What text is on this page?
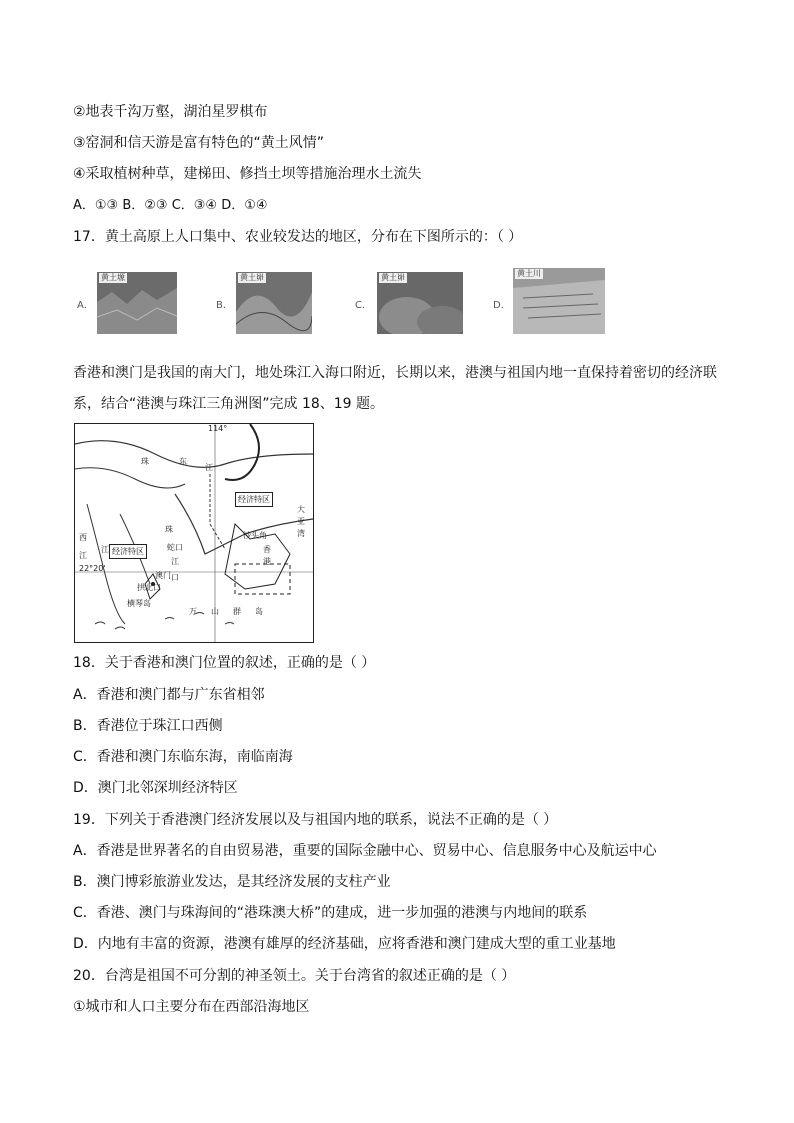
②地表千沟万壑，湖泊星罗棋布
③窑洞和信天游是富有特色的“黄土风情”
④采取植树种草，建梯田、修挡土坝等措施治理水土流失
A．①③ B．②③ C．③④ D．①④
17．黄土高原上人口集中、农业较发达的地区，分布在下图所示的：（ ）
A．
黄土塬
B．
黄土峁
C．
黄土峁
D．
黄土川
香港和澳门是我国的南大门，地处珠江入海口附近，长期以来，港澳与祖国内地一直保持着密切的经济联
系，结合“港澳与珠江三角洲图”完成 18、19 题。
114°
22°20'
珠	东
江
江
西
江
珠
蛇口
江
口
沙头角
大
亚
湾
香
港
澳门
拱北口
横琴岛
万 山 群 岛
经济特区
经济特区
18．关于香港和澳门位置的叙述，正确的是（ ）
A．香港和澳门都与广东省相邻
B．香港位于珠江口西侧
C．香港和澳门东临东海，南临南海
D．澳门北邻深圳经济特区
19．下列关于香港澳门经济发展以及与祖国内地的联系，说法不正确的是（ ）
A．香港是世界著名的自由贸易港，重要的国际金融中心、贸易中心、信息服务中心及航运中心
B．澳门博彩旅游业发达，是其经济发展的支柱产业
C．香港、澳门与珠海间的“港珠澳大桥”的建成，进一步加强的港澳与内地间的联系
D．内地有丰富的资源，港澳有雄厚的经济基础，应将香港和澳门建成大型的重工业基地
20．台湾是祖国不可分割的神圣领土。关于台湾省的叙述正确的是（ ）
①城市和人口主要分布在西部沿海地区
